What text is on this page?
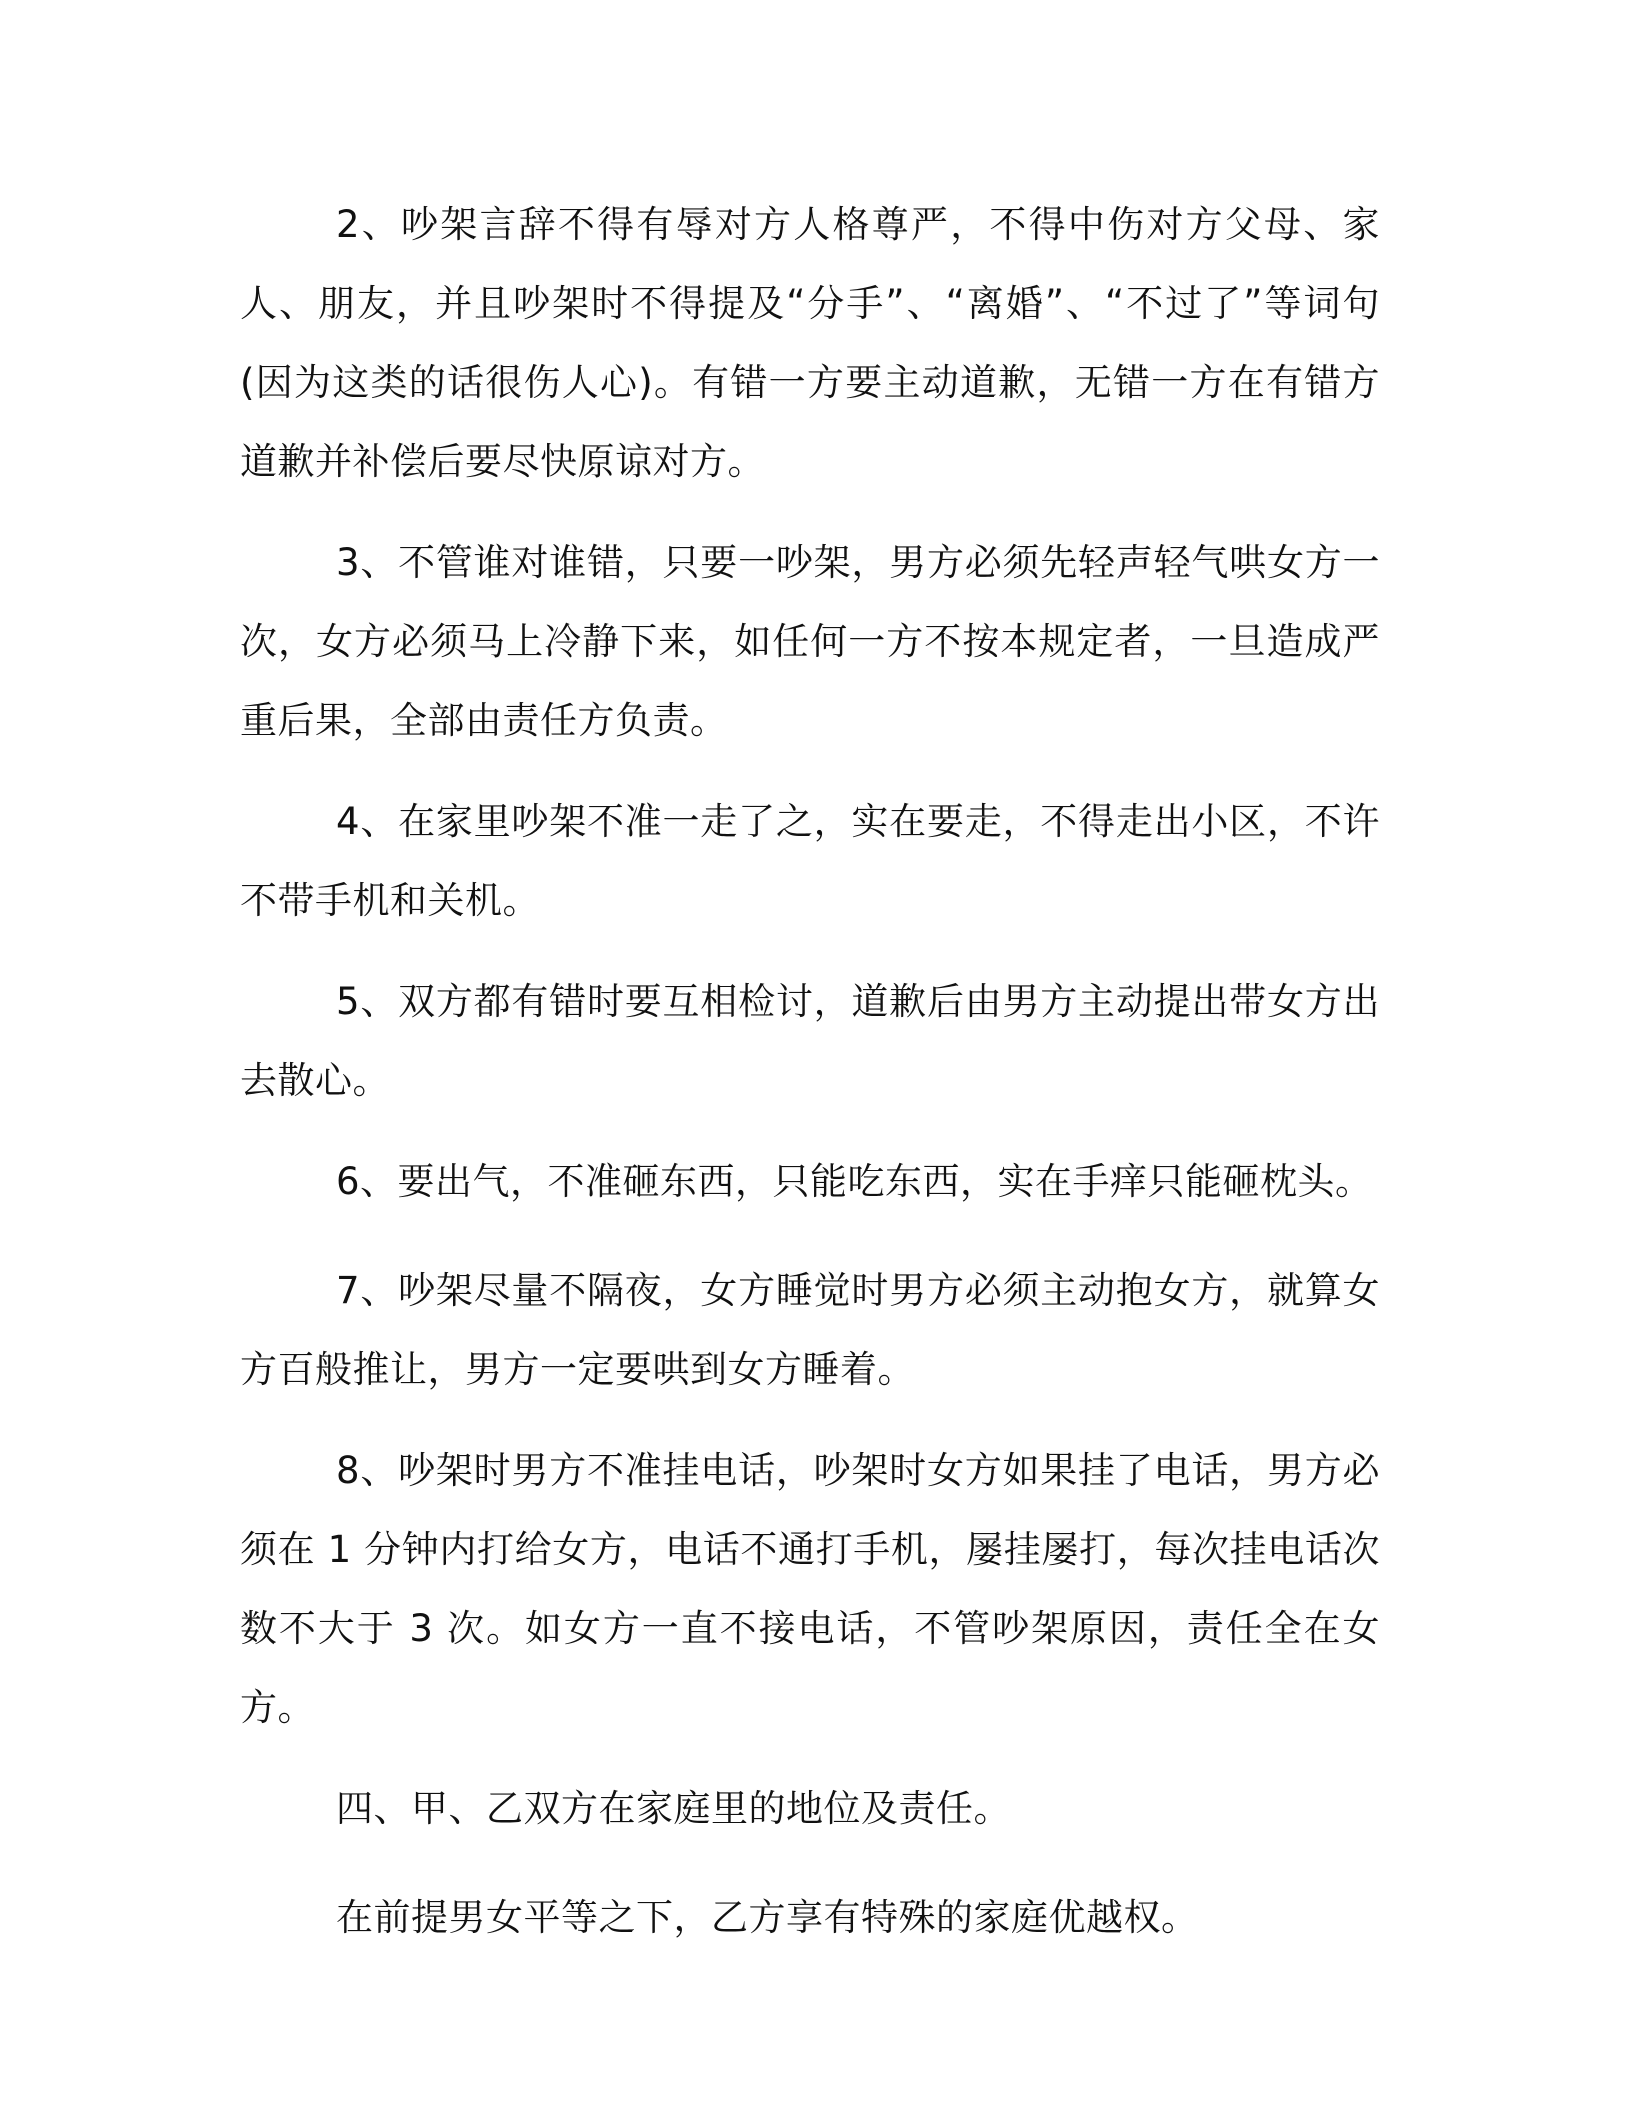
2、吵架言辞不得有辱对方人格尊严，不得中伤对方父母、家人、朋友，并且吵架时不得提及“分手”、“离婚”、“不过了”等词句(因为这类的话很伤人心)。有错一方要主动道歉，无错一方在有错方道歉并补偿后要尽快原谅对方。

3、不管谁对谁错，只要一吵架，男方必须先轻声轻气哄女方一次，女方必须马上冷静下来，如任何一方不按本规定者，一旦造成严重后果，全部由责任方负责。

4、在家里吵架不准一走了之，实在要走，不得走出小区，不许不带手机和关机。

5、双方都有错时要互相检讨，道歉后由男方主动提出带女方出去散心。

6、要出气，不准砸东西，只能吃东西，实在手痒只能砸枕头。

7、吵架尽量不隔夜，女方睡觉时男方必须主动抱女方，就算女方百般推让，男方一定要哄到女方睡着。

8、吵架时男方不准挂电话，吵架时女方如果挂了电话，男方必须在 1 分钟内打给女方，电话不通打手机，屡挂屡打，每次挂电话次数不大于 3 次。如女方一直不接电话，不管吵架原因，责任全在女方。

四、甲、乙双方在家庭里的地位及责任。

在前提男女平等之下，乙方享有特殊的家庭优越权。
